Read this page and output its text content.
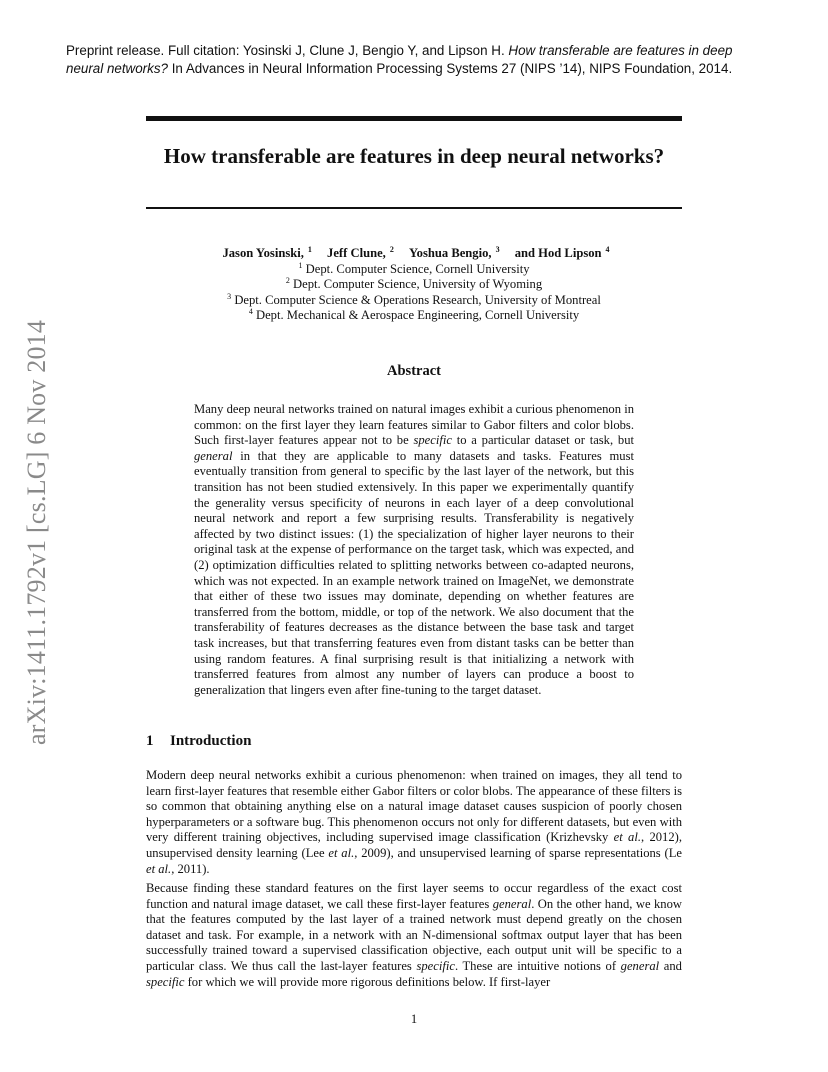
Preprint release. Full citation: Yosinski J, Clune J, Bengio Y, and Lipson H. How transferable are features in deep neural networks? In Advances in Neural Information Processing Systems 27 (NIPS ’14), NIPS Foundation, 2014.
How transferable are features in deep neural networks?
Jason Yosinski, $^1$ Jeff Clune, $^2$ Yoshua Bengio, $^3$ and Hod Lipson $^4$
$^1$ Dept. Computer Science, Cornell University
$^2$ Dept. Computer Science, University of Wyoming
$^3$ Dept. Computer Science & Operations Research, University of Montreal
$^4$ Dept. Mechanical & Aerospace Engineering, Cornell University
Abstract

Many deep neural networks trained on natural images exhibit a curious phenomenon in common: on the first layer they learn features similar to Gabor filters and color blobs. Such first-layer features appear not to be specific to a particular dataset or task, but general in that they are applicable to many datasets and tasks. Features must eventually transition from general to specific by the last layer of the network, but this transition has not been studied extensively. In this paper we experimentally quantify the generality versus specificity of neurons in each layer of a deep convolutional neural network and report a few surprising results. Transferability is negatively affected by two distinct issues: (1) the specialization of higher layer neurons to their original task at the expense of performance on the target task, which was expected, and (2) optimization difficulties related to splitting networks between co-adapted neurons, which was not expected. In an example network trained on ImageNet, we demonstrate that either of these two issues may dominate, depending on whether features are transferred from the bottom, middle, or top of the network. We also document that the transferability of features decreases as the distance between the base task and target task increases, but that transferring features even from distant tasks can be better than using random features. A final surprising result is that initializing a network with transferred features from almost any number of layers can produce a boost to generalization that lingers even after fine-tuning to the target dataset.

1 Introduction

Modern deep neural networks exhibit a curious phenomenon: when trained on images, they all tend to learn first-layer features that resemble either Gabor filters or color blobs. The appearance of these filters is so common that obtaining anything else on a natural image dataset causes suspicion of poorly chosen hyperparameters or a software bug. This phenomenon occurs not only for different datasets, but even with very different training objectives, including supervised image classification (Krizhevsky et al., 2012), unsupervised density learning (Lee et al., 2009), and unsupervised learning of sparse representations (Le et al., 2011).

Because finding these standard features on the first layer seems to occur regardless of the exact cost function and natural image dataset, we call these first-layer features general. On the other hand, we know that the features computed by the last layer of a trained network must depend greatly on the chosen dataset and task. For example, in a network with an N-dimensional softmax output layer that has been successfully trained toward a supervised classification objective, each output unit will be specific to a particular class. We thus call the last-layer features specific. These are intuitive notions of general and specific for which we will provide more rigorous definitions below. If first-layer

1
arXiv:1411.1792v1 [cs.LG] 6 Nov 2014
